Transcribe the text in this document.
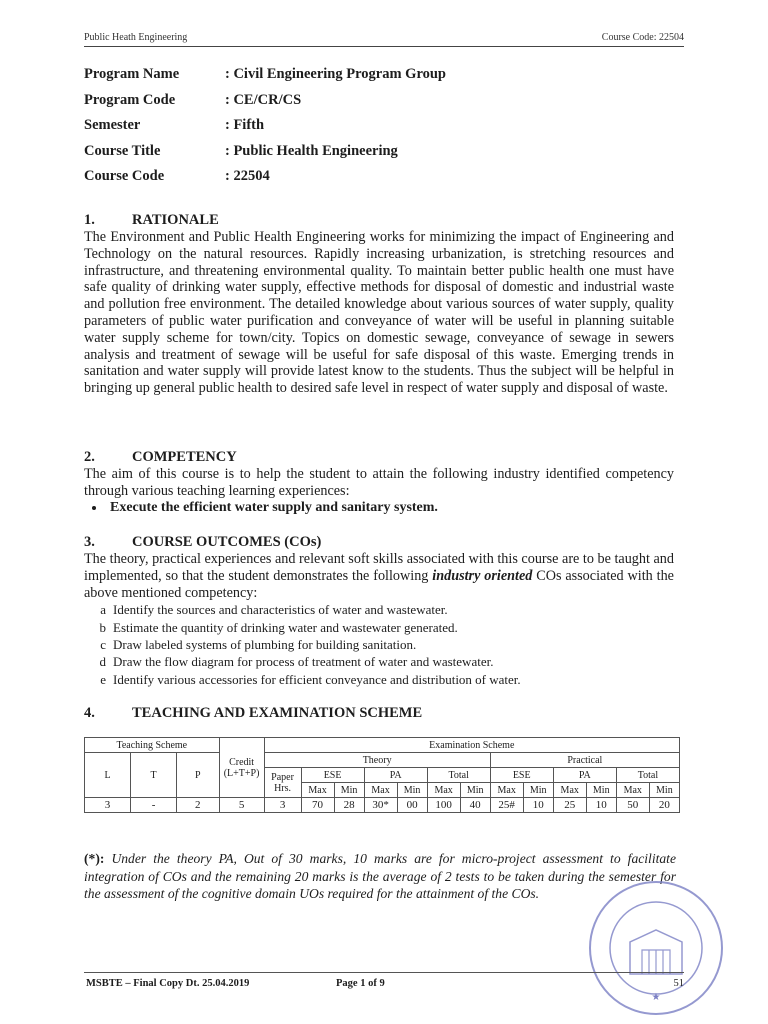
Public Heath Engineering	Course Code: 22504
Program Name	: Civil Engineering Program Group
Program Code	: CE/CR/CS
Semester	: Fifth
Course Title	: Public Health Engineering
Course Code	: 22504
1.	RATIONALE
The Environment and Public Health Engineering works for minimizing the impact of Engineering and Technology on the natural resources. Rapidly increasing urbanization, is stretching resources and infrastructure, and threatening environmental quality. To maintain better public health one must have safe quality of drinking water supply, effective methods for disposal of domestic and industrial waste and pollution free environment. The detailed knowledge about various sources of water supply, quality parameters of public water purification and conveyance of water will be useful in planning suitable water supply scheme for town/city. Topics on domestic sewage, conveyance of sewage in sewers analysis and treatment of sewage will be useful for safe disposal of this waste. Emerging trends in sanitation and water supply will provide latest know to the students. Thus the subject will be helpful in bringing up general public health to desired safe level in respect of water supply and disposal of waste.
2.	COMPETENCY
The aim of this course is to help the student to attain the following industry identified competency through various teaching learning experiences:
• Execute the efficient water supply and sanitary system.
3.	COURSE OUTCOMES (COs)
The theory, practical experiences and relevant soft skills associated with this course are to be taught and implemented, so that the student demonstrates the following industry oriented COs associated with the above mentioned competency:
a Identify the sources and characteristics of water and wastewater.
b Estimate the quantity of drinking water and wastewater generated.
c Draw labeled systems of plumbing for building sanitation.
d Draw the flow diagram for process of treatment of water and wastewater.
e Identify various accessories for efficient conveyance and distribution of water.
4.	TEACHING AND EXAMINATION SCHEME
Teaching Scheme			Credit (L+T+P)	Examination Scheme												
L	T	P		Theory							Practical					
				Paper Hrs.	ESE		PA		Total		ESE		PA		Total	
					Max	Min	Max	Min	Max	Min	Max	Min	Max	Min	Max	Min
3	-	2	5	3	70	28	30*	00	100	40	25#	10	25	10	50	20
(*): Under the theory PA, Out of 30 marks, 10 marks are for micro-project assessment to facilitate integration of COs and the remaining 20 marks is the average of 2 tests to be taken during the semester for the assessment of the cognitive domain UOs required for the attainment of the COs.
★
MSBTE – Final Copy Dt. 25.04.2019	Page 1 of 9	51
